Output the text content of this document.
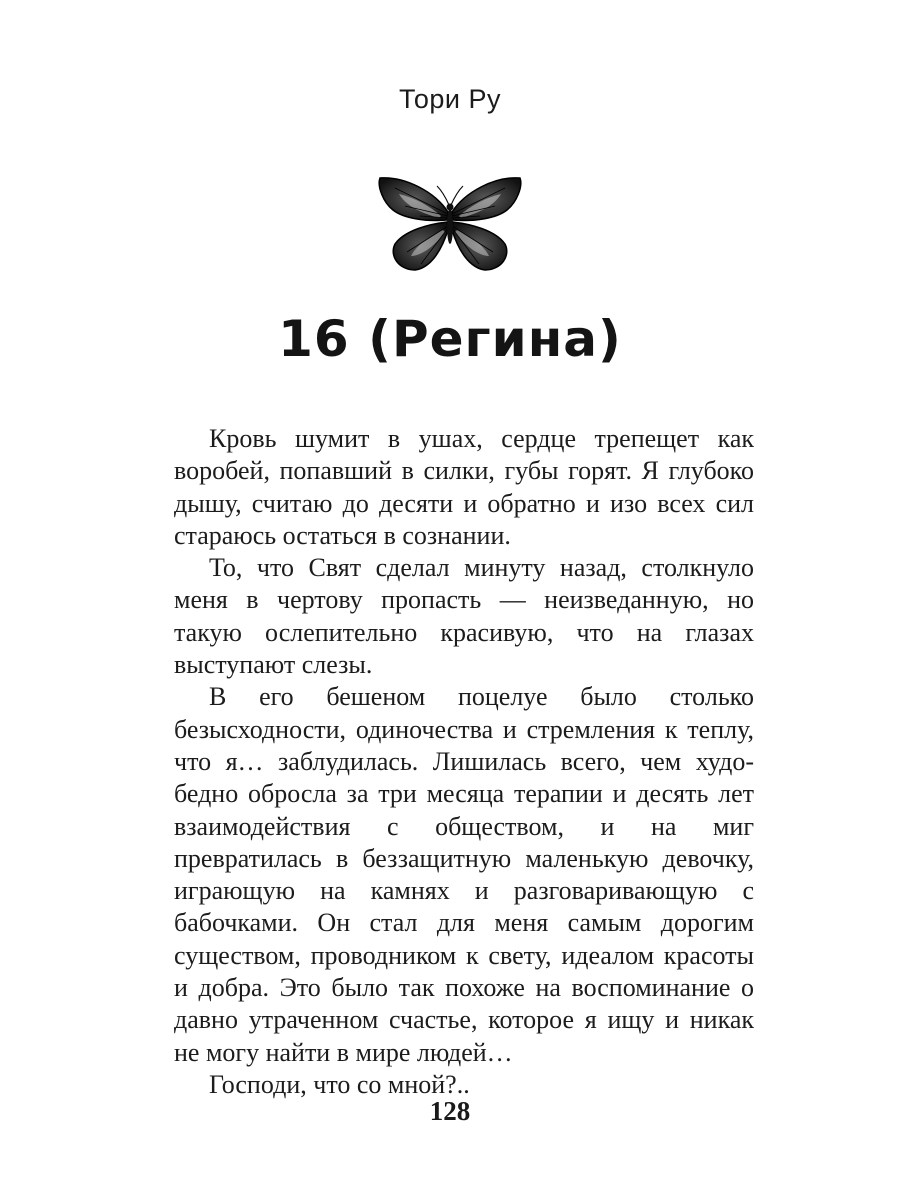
Тори Ру
16 (Регина)

Кровь шумит в ушах, сердце трепещет как воробей, попавший в силки, губы горят. Я глубоко дышу, считаю до десяти и обратно и изо всех сил стараюсь остаться в сознании.

То, что Свят сделал минуту назад, столкнуло меня в чертову пропасть — неизведанную, но такую ослепительно красивую, что на глазах выступают слезы.

В его бешеном поцелуе было столько безысходности, одиночества и стремления к теплу, что я… заблудилась. Лишилась всего, чем худо-бедно обросла за три месяца терапии и десять лет взаимодействия с обществом, и на миг превратилась в беззащитную маленькую девочку, играющую на камнях и разговаривающую с бабочками. Он стал для меня самым дорогим существом, проводником к свету, идеалом красоты и добра. Это было так похоже на воспоминание о давно утраченном счастье, которое я ищу и никак не могу найти в мире людей…

Господи, что со мной?..

128
